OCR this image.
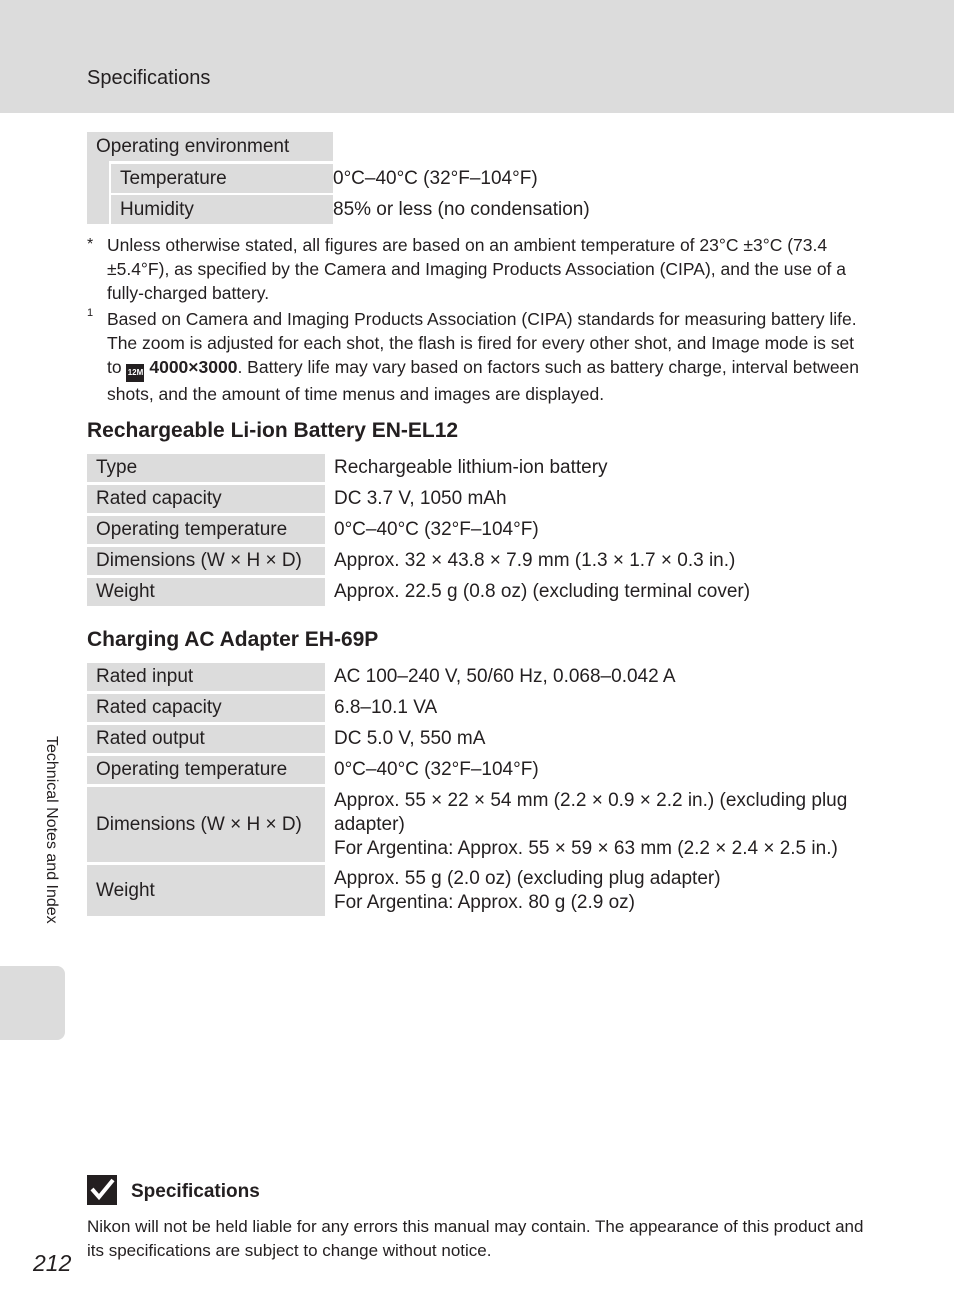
Specifications
Operating environment
Temperature	0°C–40°C (32°F–104°F)
Humidity	85% or less (no condensation)
* Unless otherwise stated, all figures are based on an ambient temperature of 23°C ±3°C (73.4 ±5.4°F), as specified by the Camera and Imaging Products Association (CIPA), and the use of a fully-charged battery.
1 Based on Camera and Imaging Products Association (CIPA) standards for measuring battery life. The zoom is adjusted for each shot, the flash is fired for every other shot, and Image mode is set to 12M 4000×3000. Battery life may vary based on factors such as battery charge, interval between shots, and the amount of time menus and images are displayed.
Rechargeable Li-ion Battery EN-EL12
Type	Rechargeable lithium-ion battery
Rated capacity	DC 3.7 V, 1050 mAh
Operating temperature	0°C–40°C (32°F–104°F)
Dimensions (W × H × D)	Approx. 32 × 43.8 × 7.9 mm (1.3 × 1.7 × 0.3 in.)
Weight	Approx. 22.5 g (0.8 oz) (excluding terminal cover)
Charging AC Adapter EH-69P
Rated input	AC 100–240 V, 50/60 Hz, 0.068–0.042 A
Rated capacity	6.8–10.1 VA
Rated output	DC 5.0 V, 550 mA
Operating temperature	0°C–40°C (32°F–104°F)
Dimensions (W × H × D)	Approx. 55 × 22 × 54 mm (2.2 × 0.9 × 2.2 in.) (excluding plug adapter)
For Argentina: Approx. 55 × 59 × 63 mm (2.2 × 2.4 × 2.5 in.)

Weight	Approx. 55 g (2.0 oz) (excluding plug adapter)
For Argentina: Approx. 80 g (2.9 oz)
Technical Notes and Index
Specifications
Nikon will not be held liable for any errors this manual may contain. The appearance of this product and its specifications are subject to change without notice.
212
